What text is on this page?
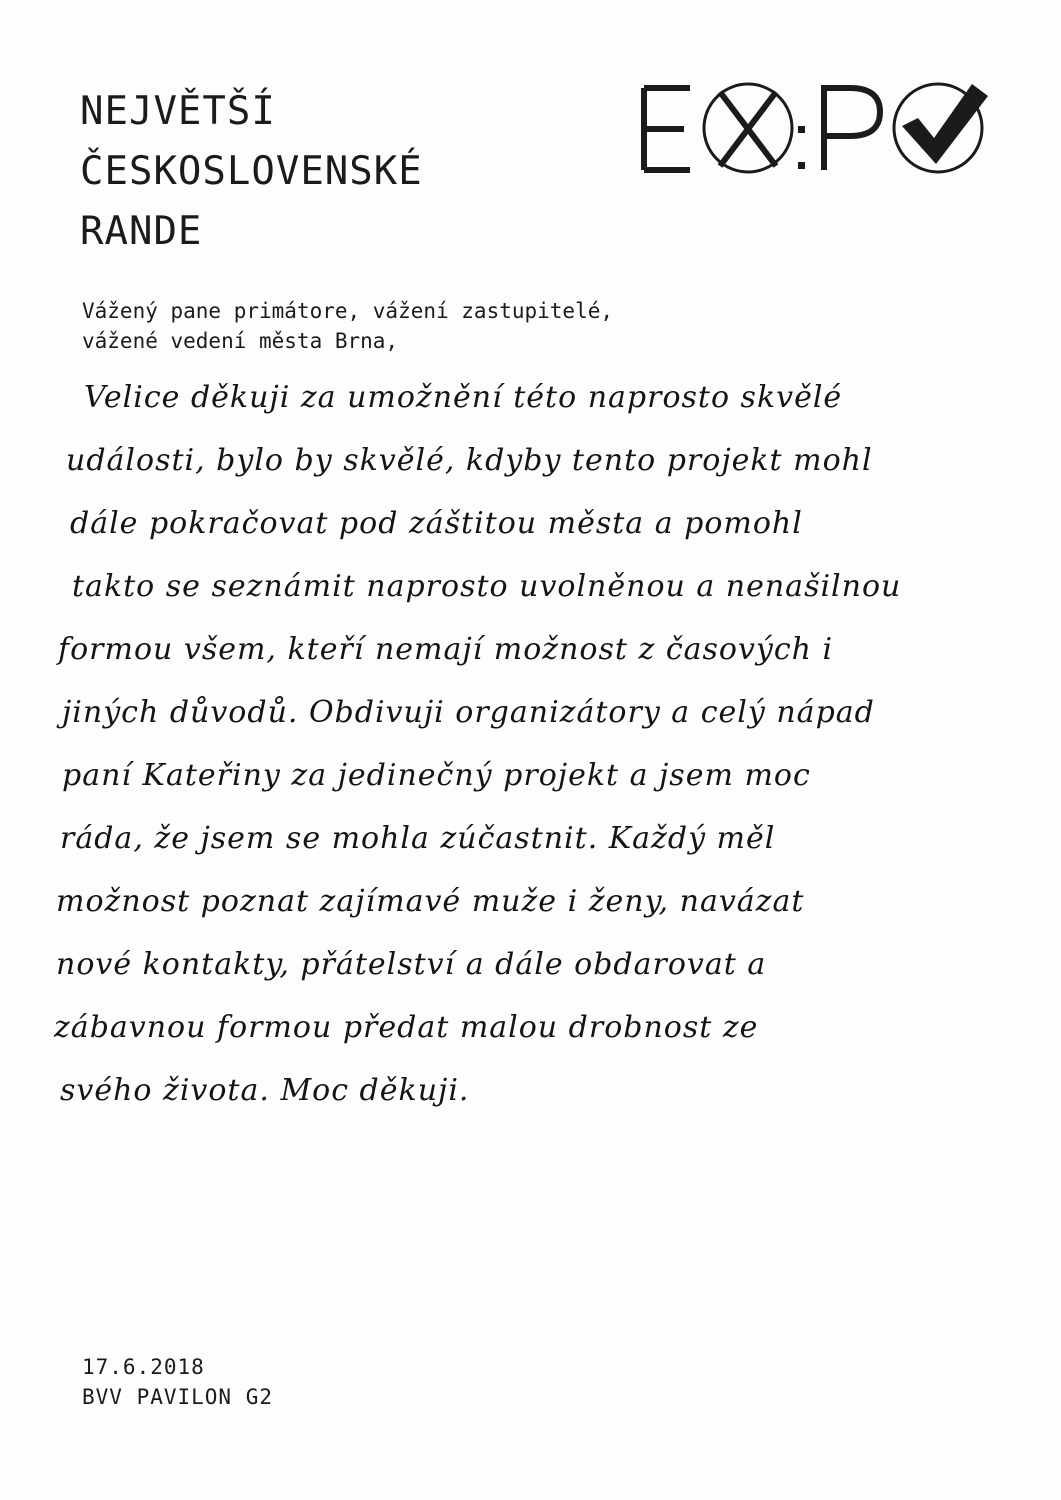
NEJVĚTŠÍ
ČESKOSLOVENSKÉ
RANDE

Vážený pane primátore, vážení zastupitelé,
vážené vedení města Brna,

Velice děkuji za umožnění této naprosto skvělé
události, bylo by skvělé, kdyby tento projekt mohl
dále pokračovat pod záštitou města a pomohl
takto se seznámit naprosto uvolněnou a nenašilnou
formou všem, kteří nemají možnost z časových i
jiných důvodů. Obdivuji organizátory a celý nápad
paní Kateřiny za jedinečný projekt a jsem moc
ráda, že jsem se mohla zúčastnit. Každý měl
možnost poznat zajímavé muže i ženy, navázat
nové kontakty, přátelství a dále obdarovat a
zábavnou formou předat malou drobnost ze
svého života. Moc děkuji.

17.6.2018
BVV PAVILON G2
